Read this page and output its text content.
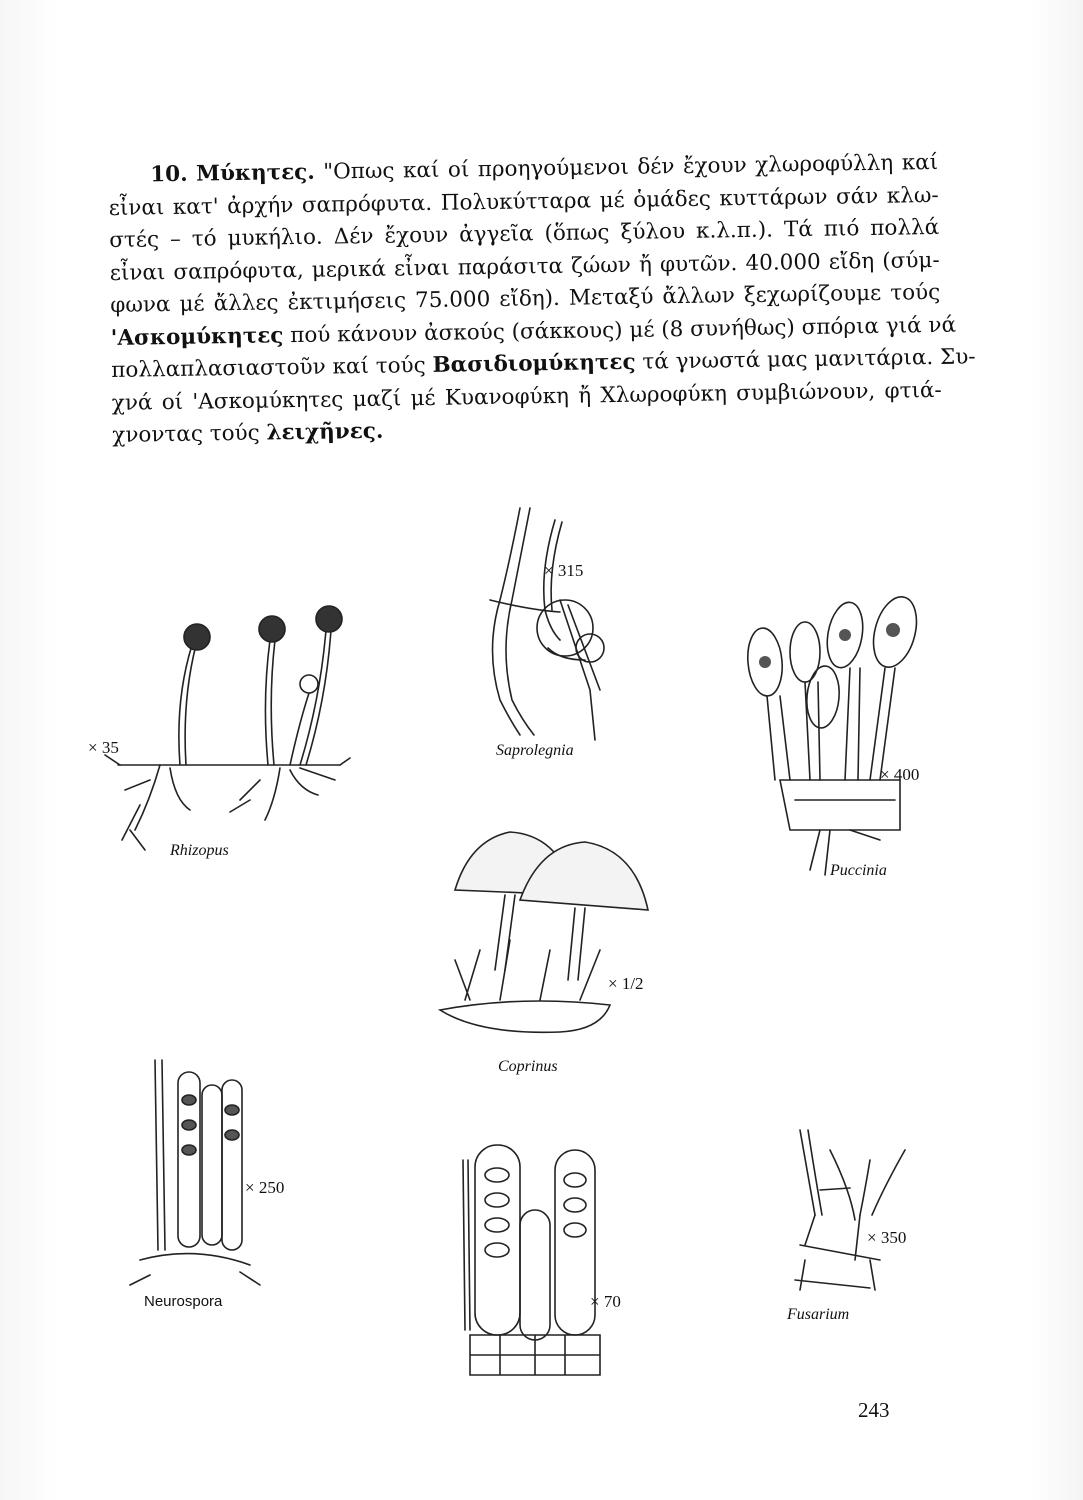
10. Μύκητες. "Οπως καί οί προηγούμενοι δέν ἔχουν χλωροφύλλη καί
εἶναι κατ' ἀρχήν σαπρόφυτα. Πολυκύτταρα μέ ὁμάδες κυττάρων σάν κλω-
στές – τό μυκήλιο. Δέν ἔχουν ἀγγεῖα (ὅπως ξύλου κ.λ.π.). Τά πιό πολλά
εἶναι σαπρόφυτα, μερικά εἶναι παράσιτα ζώων ἤ φυτῶν. 40.000 εἴδη (σύμ-
φωνα μέ ἄλλες ἐκτιμήσεις 75.000 εἴδη). Μεταξύ ἄλλων ξεχωρίζουμε τούς
'Ασκομύκητες πού κάνουν ἀσκούς (σάκκους) μέ (8 συνήθως) σπόρια γιά νά
πολλαπλασιαστοῦν καί τούς Βασιδιομύκητες τά γνωστά μας μανιτάρια. Συ-
χνά οί 'Ασκομύκητες μαζί μέ Κυανοφύκη ἤ Χλωροφύκη συμβιώνουν, φτιά-
χνοντας τούς λειχῆνες.
× 35
Rhizopus
× 315
Saprolegnia
× 400
Puccinia
× 1/2
Coprinus
× 250
Neurospora	× 70
× 350
Fusarium
243
